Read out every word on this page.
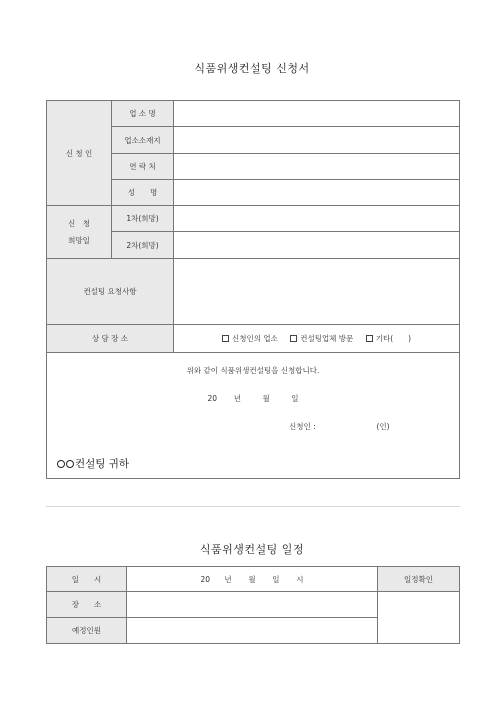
식품위생컨설팅 신청서
신 청 인	업 소 명	
	업소소재지	
	연 락 처	
	성　　명	
신　청
희망일	1차(희망)	
	2차(희망)	
컨설팅 요청사항		
상 담 장 소		신청인의 업소 컨설팅업체 방문 기타(　　)

위와 같이 식품위생컨설팅을 신청합니다.
20 년 월 일
신청인 : (인)
컨설팅 귀하		
식품위생컨설팅 일정
일　　시	20 년 월 일 시	일정확인
장　　소		
예정인원		
